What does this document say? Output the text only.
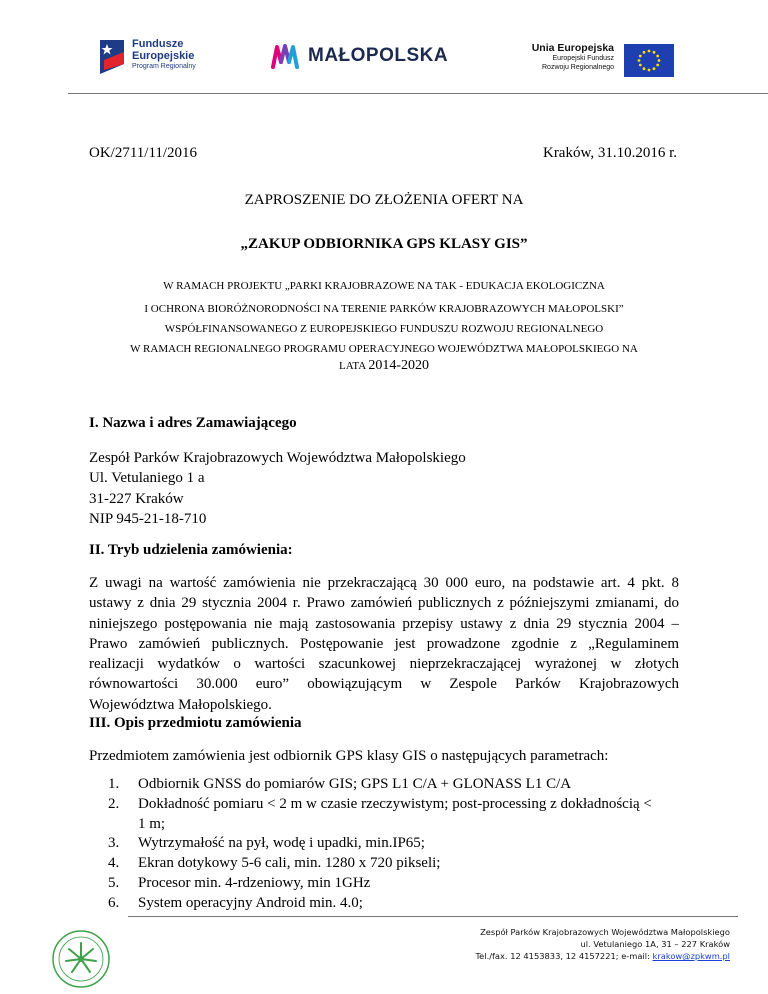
Fundusze
Europejskie
Program Regionalny
MAŁOPOLSKA	Unia Europejska
Europejski Fundusz
Rozwoju Regionalnego
OK/2711/11/2016	Kraków, 31.10.2016 r.
ZAPROSZENIE DO ZŁOŻENIA OFERT NA
„ZAKUP ODBIORNIKA GPS KLASY GIS”
W RAMACH PROJEKTU „PARKI KRAJOBRAZOWE NA TAK - EDUKACJA EKOLOGICZNA
I OCHRONA BIORÓŻNORODNOŚCI NA TERENIE PARKÓW KRAJOBRAZOWYCH MAŁOPOLSKI”
WSPÓŁFINANSOWANEGO Z EUROPEJSKIEGO FUNDUSZU ROZWOJU REGIONALNEGO
W RAMACH REGIONALNEGO PROGRAMU OPERACYJNEGO WOJEWÓDZTWA MAŁOPOLSKIEGO NA
LATA 2014-2020
I. Nazwa i adres Zamawiającego
Zespół Parków Krajobrazowych Województwa Małopolskiego
Ul. Vetulaniego 1 a
31-227 Kraków
NIP 945-21-18-710
II. Tryb udzielenia zamówienia:
Z uwagi na wartość zamówienia nie przekraczającą 30 000 euro, na podstawie art. 4 pkt. 8
ustawy z dnia 29 stycznia 2004 r. Prawo zamówień publicznych z późniejszymi zmianami, do
niniejszego postępowania nie mają zastosowania przepisy ustawy z dnia 29 stycznia 2004 –
Prawo zamówień publicznych. Postępowanie jest prowadzone zgodnie z „Regulaminem
realizacji wydatków o wartości szacunkowej nieprzekraczającej wyrażonej w złotych
równowartości 30.000 euro” obowiązującym w Zespole Parków Krajobrazowych
Województwa Małopolskiego.
III. Opis przedmiotu zamówienia
Przedmiotem zamówienia jest odbiornik GPS klasy GIS o następujących parametrach:
1. Odbiornik GNSS do pomiarów GIS; GPS L1 C/A + GLONASS L1 C/A
2. Dokładność pomiaru < 2 m w czasie rzeczywistym; post-processing z dokładnością <
1 m;
3. Wytrzymałość na pył, wodę i upadki, min.IP65;
4. Ekran dotykowy 5-6 cali, min. 1280 x 720 pikseli;
5. Procesor min. 4-rdzeniowy, min 1GHz
6. System operacyjny Android min. 4.0;
Zespół Parków Krajobrazowych Województwa Małopolskiego
ul. Vetulaniego 1A, 31 – 227 Kraków
Tel./fax. 12 4153833, 12 4157221; e-mail: krakow@zpkwm.pl
